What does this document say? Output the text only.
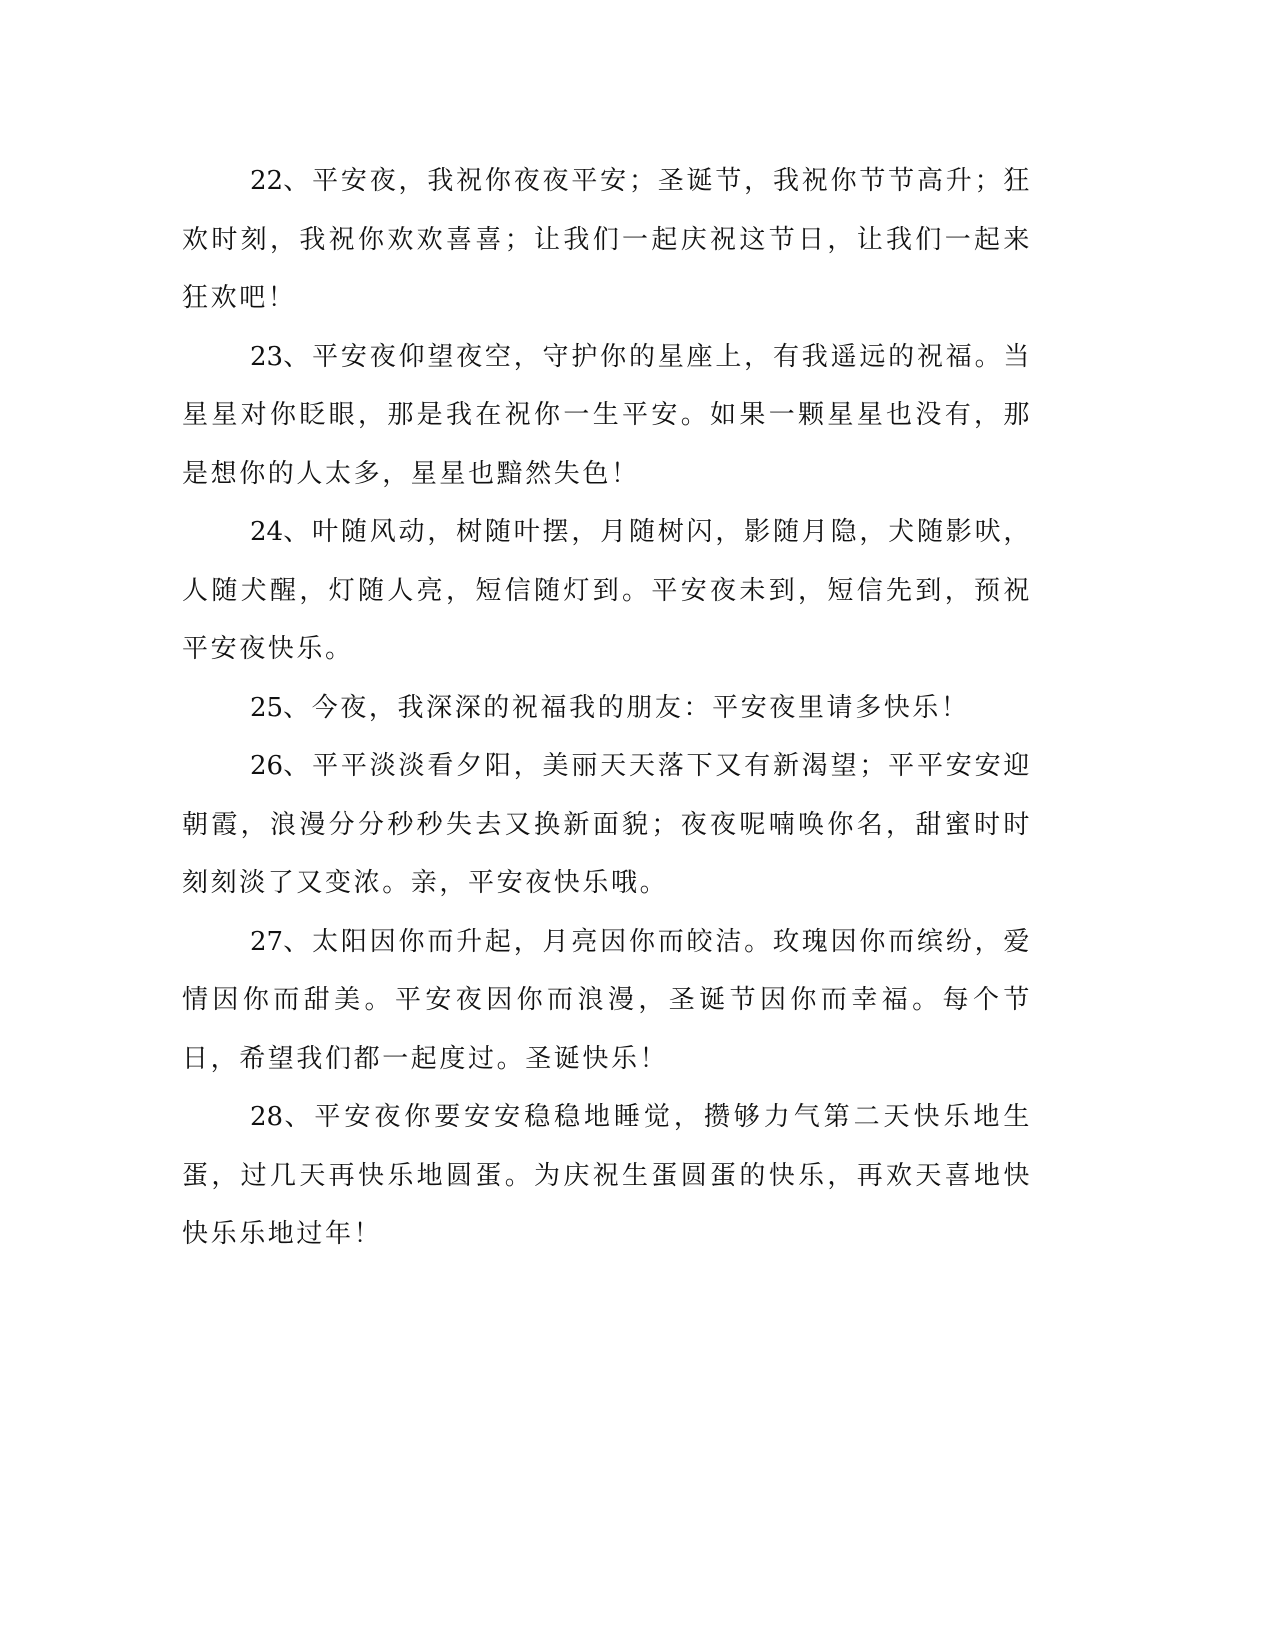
22、平安夜，我祝你夜夜平安；圣诞节，我祝你节节高升；狂欢时刻，我祝你欢欢喜喜；让我们一起庆祝这节日，让我们一起来狂欢吧！

23、平安夜仰望夜空，守护你的星座上，有我遥远的祝福。当星星对你眨眼，那是我在祝你一生平安。如果一颗星星也没有，那是想你的人太多，星星也黯然失色！

24、叶随风动，树随叶摆，月随树闪，影随月隐，犬随影吠，人随犬醒，灯随人亮，短信随灯到。平安夜未到，短信先到，预祝平安夜快乐。

25、今夜，我深深的祝福我的朋友：平安夜里请多快乐！

26、平平淡淡看夕阳，美丽天天落下又有新渴望；平平安安迎朝霞，浪漫分分秒秒失去又换新面貌；夜夜呢喃唤你名，甜蜜时时刻刻淡了又变浓。亲，平安夜快乐哦。

27、太阳因你而升起，月亮因你而皎洁。玫瑰因你而缤纷，爱情因你而甜美。平安夜因你而浪漫，圣诞节因你而幸福。每个节日，希望我们都一起度过。圣诞快乐！

28、平安夜你要安安稳稳地睡觉，攒够力气第二天快乐地生蛋，过几天再快乐地圆蛋。为庆祝生蛋圆蛋的快乐，再欢天喜地快快乐乐地过年！
